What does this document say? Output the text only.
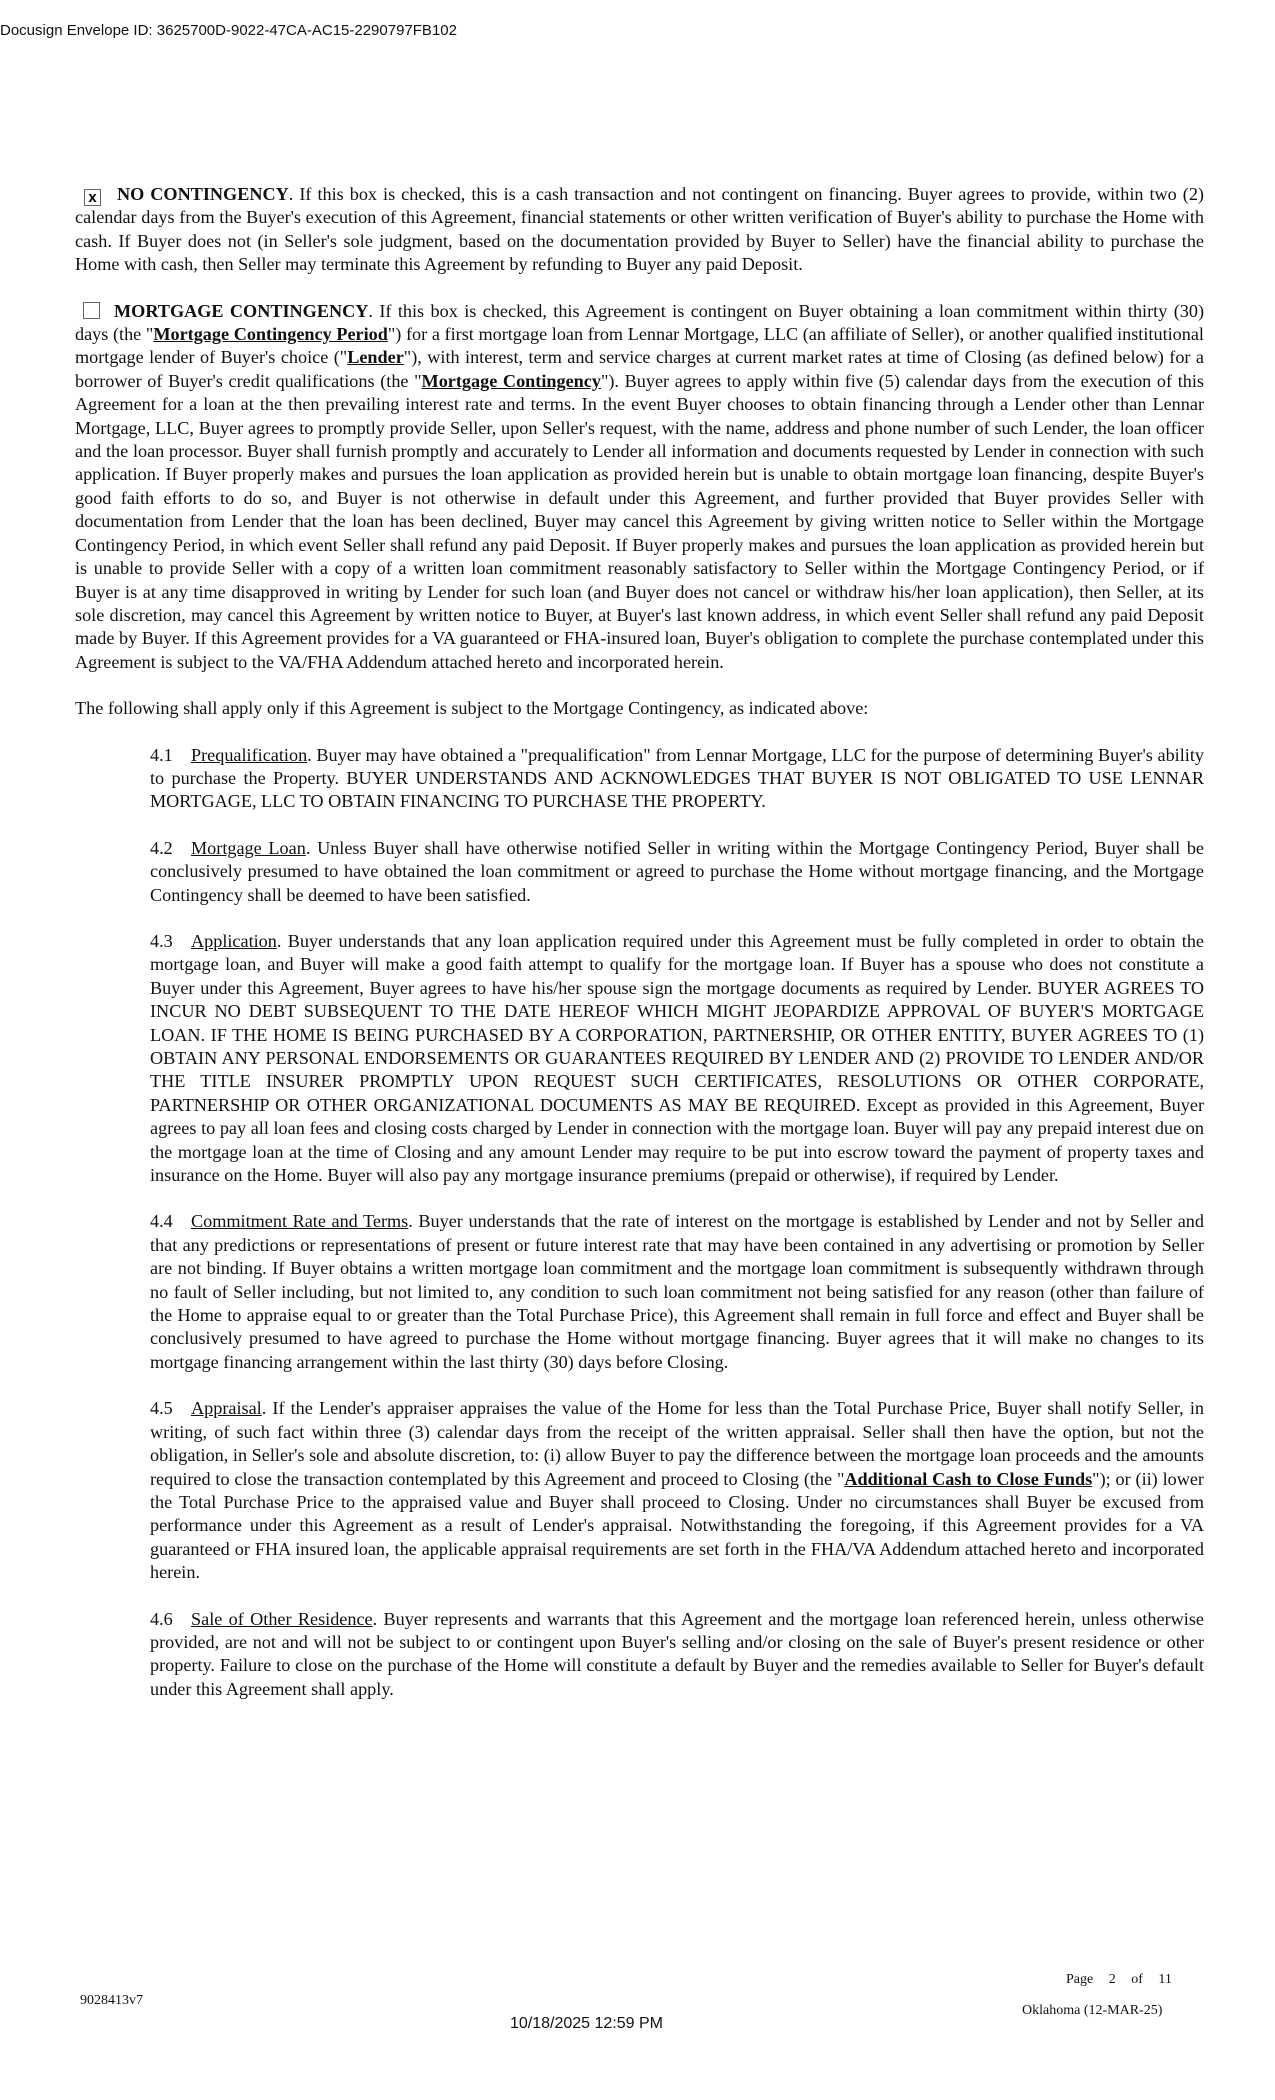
Docusign Envelope ID: 3625700D-9022-47CA-AC15-2290797FB102

x NO CONTINGENCY. If this box is checked, this is a cash transaction and not contingent on financing. Buyer agrees to provide, within two (2) calendar days from the Buyer's execution of this Agreement, financial statements or other written verification of Buyer's ability to purchase the Home with cash. If Buyer does not (in Seller's sole judgment, based on the documentation provided by Buyer to Seller) have the financial ability to purchase the Home with cash, then Seller may terminate this Agreement by refunding to Buyer any paid Deposit.

MORTGAGE CONTINGENCY. If this box is checked, this Agreement is contingent on Buyer obtaining a loan commitment within thirty (30) days (the "Mortgage Contingency Period") for a first mortgage loan from Lennar Mortgage, LLC (an affiliate of Seller), or another qualified institutional mortgage lender of Buyer's choice ("Lender"), with interest, term and service charges at current market rates at time of Closing (as defined below) for a borrower of Buyer's credit qualifications (the "Mortgage Contingency"). Buyer agrees to apply within five (5) calendar days from the execution of this Agreement for a loan at the then prevailing interest rate and terms. In the event Buyer chooses to obtain financing through a Lender other than Lennar Mortgage, LLC, Buyer agrees to promptly provide Seller, upon Seller's request, with the name, address and phone number of such Lender, the loan officer and the loan processor. Buyer shall furnish promptly and accurately to Lender all information and documents requested by Lender in connection with such application. If Buyer properly makes and pursues the loan application as provided herein but is unable to obtain mortgage loan financing, despite Buyer's good faith efforts to do so, and Buyer is not otherwise in default under this Agreement, and further provided that Buyer provides Seller with documentation from Lender that the loan has been declined, Buyer may cancel this Agreement by giving written notice to Seller within the Mortgage Contingency Period, in which event Seller shall refund any paid Deposit. If Buyer properly makes and pursues the loan application as provided herein but is unable to provide Seller with a copy of a written loan commitment reasonably satisfactory to Seller within the Mortgage Contingency Period, or if Buyer is at any time disapproved in writing by Lender for such loan (and Buyer does not cancel or withdraw his/her loan application), then Seller, at its sole discretion, may cancel this Agreement by written notice to Buyer, at Buyer's last known address, in which event Seller shall refund any paid Deposit made by Buyer. If this Agreement provides for a VA guaranteed or FHA-insured loan, Buyer's obligation to complete the purchase contemplated under this Agreement is subject to the VA/FHA Addendum attached hereto and incorporated herein.

The following shall apply only if this Agreement is subject to the Mortgage Contingency, as indicated above:

4.1 Prequalification. Buyer may have obtained a "prequalification" from Lennar Mortgage, LLC for the purpose of determining Buyer's ability to purchase the Property. BUYER UNDERSTANDS AND ACKNOWLEDGES THAT BUYER IS NOT OBLIGATED TO USE LENNAR MORTGAGE, LLC TO OBTAIN FINANCING TO PURCHASE THE PROPERTY.

4.2 Mortgage Loan. Unless Buyer shall have otherwise notified Seller in writing within the Mortgage Contingency Period, Buyer shall be conclusively presumed to have obtained the loan commitment or agreed to purchase the Home without mortgage financing, and the Mortgage Contingency shall be deemed to have been satisfied.

4.3 Application. Buyer understands that any loan application required under this Agreement must be fully completed in order to obtain the mortgage loan, and Buyer will make a good faith attempt to qualify for the mortgage loan. If Buyer has a spouse who does not constitute a Buyer under this Agreement, Buyer agrees to have his/her spouse sign the mortgage documents as required by Lender. BUYER AGREES TO INCUR NO DEBT SUBSEQUENT TO THE DATE HEREOF WHICH MIGHT JEOPARDIZE APPROVAL OF BUYER'S MORTGAGE LOAN. IF THE HOME IS BEING PURCHASED BY A CORPORATION, PARTNERSHIP, OR OTHER ENTITY, BUYER AGREES TO (1) OBTAIN ANY PERSONAL ENDORSEMENTS OR GUARANTEES REQUIRED BY LENDER AND (2) PROVIDE TO LENDER AND/OR THE TITLE INSURER PROMPTLY UPON REQUEST SUCH CERTIFICATES, RESOLUTIONS OR OTHER CORPORATE, PARTNERSHIP OR OTHER ORGANIZATIONAL DOCUMENTS AS MAY BE REQUIRED. Except as provided in this Agreement, Buyer agrees to pay all loan fees and closing costs charged by Lender in connection with the mortgage loan. Buyer will pay any prepaid interest due on the mortgage loan at the time of Closing and any amount Lender may require to be put into escrow toward the payment of property taxes and insurance on the Home. Buyer will also pay any mortgage insurance premiums (prepaid or otherwise), if required by Lender.

4.4 Commitment Rate and Terms. Buyer understands that the rate of interest on the mortgage is established by Lender and not by Seller and that any predictions or representations of present or future interest rate that may have been contained in any advertising or promotion by Seller are not binding. If Buyer obtains a written mortgage loan commitment and the mortgage loan commitment is subsequently withdrawn through no fault of Seller including, but not limited to, any condition to such loan commitment not being satisfied for any reason (other than failure of the Home to appraise equal to or greater than the Total Purchase Price), this Agreement shall remain in full force and effect and Buyer shall be conclusively presumed to have agreed to purchase the Home without mortgage financing. Buyer agrees that it will make no changes to its mortgage financing arrangement within the last thirty (30) days before Closing.

4.5 Appraisal. If the Lender's appraiser appraises the value of the Home for less than the Total Purchase Price, Buyer shall notify Seller, in writing, of such fact within three (3) calendar days from the receipt of the written appraisal. Seller shall then have the option, but not the obligation, in Seller's sole and absolute discretion, to: (i) allow Buyer to pay the difference between the mortgage loan proceeds and the amounts required to close the transaction contemplated by this Agreement and proceed to Closing (the "Additional Cash to Close Funds"); or (ii) lower the Total Purchase Price to the appraised value and Buyer shall proceed to Closing. Under no circumstances shall Buyer be excused from performance under this Agreement as a result of Lender's appraisal. Notwithstanding the foregoing, if this Agreement provides for a VA guaranteed or FHA insured loan, the applicable appraisal requirements are set forth in the FHA/VA Addendum attached hereto and incorporated herein.

4.6 Sale of Other Residence. Buyer represents and warrants that this Agreement and the mortgage loan referenced herein, unless otherwise provided, are not and will not be subject to or contingent upon Buyer's selling and/or closing on the sale of Buyer's present residence or other property. Failure to close on the purchase of the Home will constitute a default by Buyer and the remedies available to Seller for Buyer's default under this Agreement shall apply.

9028413v7
Page 2 of 11
Oklahoma (12-MAR-25)
10/18/2025 12:59 PM
